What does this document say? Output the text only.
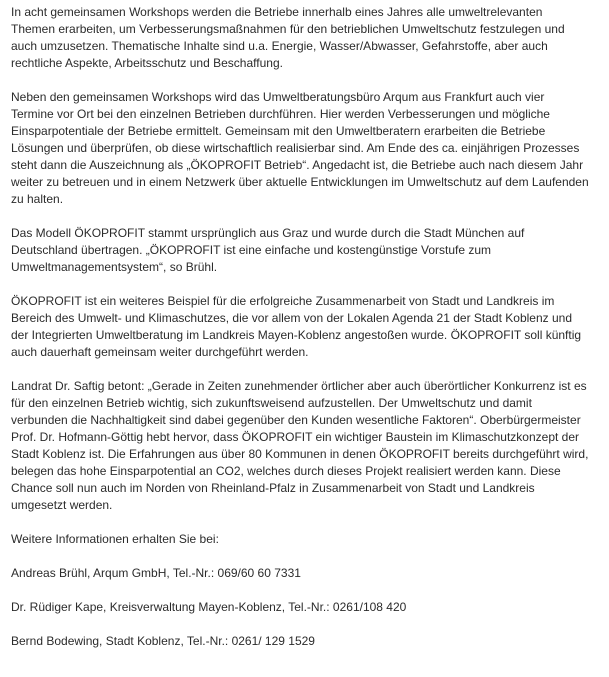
In acht gemeinsamen Workshops werden die Betriebe innerhalb eines Jahres alle umweltrelevanten
Themen erarbeiten, um Verbesserungsmaßnahmen für den betrieblichen Umweltschutz festzulegen und
auch umzusetzen. Thematische Inhalte sind u.a. Energie, Wasser/Abwasser, Gefahrstoffe, aber auch
rechtliche Aspekte, Arbeitsschutz und Beschaffung.

Neben den gemeinsamen Workshops wird das Umweltberatungsbüro Arqum aus Frankfurt auch vier
Termine vor Ort bei den einzelnen Betrieben durchführen. Hier werden Verbesserungen und mögliche
Einsparpotentiale der Betriebe ermittelt. Gemeinsam mit den Umweltberatern erarbeiten die Betriebe
Lösungen und überprüfen, ob diese wirtschaftlich realisierbar sind. Am Ende des ca. einjährigen Prozesses
steht dann die Auszeichnung als „ÖKOPROFIT Betrieb“. Angedacht ist, die Betriebe auch nach diesem Jahr
weiter zu betreuen und in einem Netzwerk über aktuelle Entwicklungen im Umweltschutz auf dem Laufenden
zu halten.

Das Modell ÖKOPROFIT stammt ursprünglich aus Graz und wurde durch die Stadt München auf
Deutschland übertragen. „ÖKOPROFIT ist eine einfache und kostengünstige Vorstufe zum
Umweltmanagementsystem“, so Brühl.

ÖKOPROFIT ist ein weiteres Beispiel für die erfolgreiche Zusammenarbeit von Stadt und Landkreis im
Bereich des Umwelt- und Klimaschutzes, die vor allem von der Lokalen Agenda 21 der Stadt Koblenz und
der Integrierten Umweltberatung im Landkreis Mayen-Koblenz angestoßen wurde. ÖKOPROFIT soll künftig
auch dauerhaft gemeinsam weiter durchgeführt werden.

Landrat Dr. Saftig betont: „Gerade in Zeiten zunehmender örtlicher aber auch überörtlicher Konkurrenz ist es
für den einzelnen Betrieb wichtig, sich zukunftsweisend aufzustellen. Der Umweltschutz und damit
verbunden die Nachhaltigkeit sind dabei gegenüber den Kunden wesentliche Faktoren“. Oberbürgermeister
Prof. Dr. Hofmann-Göttig hebt hervor, dass ÖKOPROFIT ein wichtiger Baustein im Klimaschutzkonzept der
Stadt Koblenz ist. Die Erfahrungen aus über 80 Kommunen in denen ÖKOPROFIT bereits durchgeführt wird,
belegen das hohe Einsparpotential an CO2, welches durch dieses Projekt realisiert werden kann. Diese
Chance soll nun auch im Norden von Rheinland-Pfalz in Zusammenarbeit von Stadt und Landkreis
umgesetzt werden.

Weitere Informationen erhalten Sie bei:

Andreas Brühl, Arqum GmbH, Tel.-Nr.: 069/60 60 7331

Dr. Rüdiger Kape, Kreisverwaltung Mayen-Koblenz, Tel.-Nr.: 0261/108 420

Bernd Bodewing, Stadt Koblenz, Tel.-Nr.: 0261/ 129 1529
